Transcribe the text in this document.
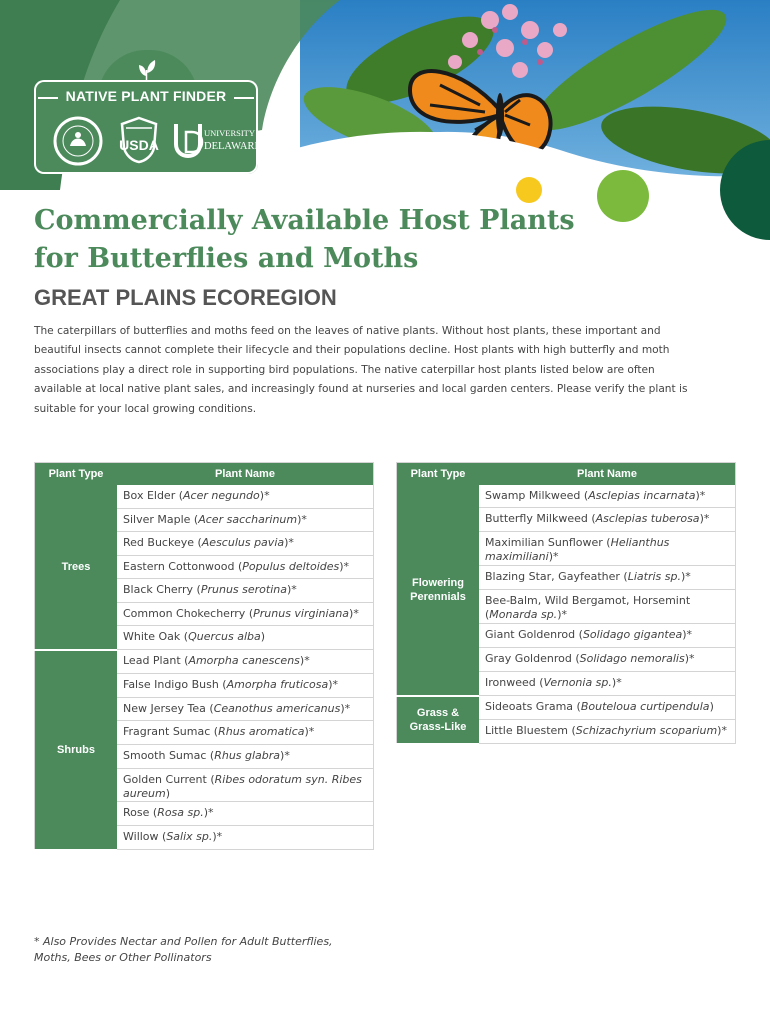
NATIVE PLANT FINDER
USDA
UNIVERSITY OF
DELAWARE.
Commercially Available Host Plants
for Butterflies and Moths
GREAT PLAINS ECOREGION

The caterpillars of butterflies and moths feed on the leaves of native plants. Without host plants, these important and beautiful insects cannot complete their lifecycle and their populations decline. Host plants with high butterfly and moth associations play a direct role in supporting bird populations. The native caterpillar host plants listed below are often available at local native plant sales, and increasingly found at nurseries and local garden centers. Please verify the plant is suitable for your local growing conditions.

Plant Type	Plant Name
Trees	Box Elder (Acer negundo)*
	Silver Maple (Acer saccharinum)*
	Red Buckeye (Aesculus pavia)*
	Eastern Cottonwood (Populus deltoides)*
	Black Cherry (Prunus serotina)*
	Common Chokecherry (Prunus virginiana)*
	White Oak (Quercus alba)
Shrubs	Lead Plant (Amorpha canescens)*
	False Indigo Bush (Amorpha fruticosa)*
	New Jersey Tea (Ceanothus americanus)*
	Fragrant Sumac (Rhus aromatica)*
	Smooth Sumac (Rhus glabra)*
	Golden Current (Ribes odoratum syn. Ribes aureum)
	Rose (Rosa sp.)*
	Willow (Salix sp.)*
Plant Type	Plant Name
Flowering
Perennials	Swamp Milkweed (Asclepias incarnata)*
	Butterfly Milkweed (Asclepias tuberosa)*
	Maximilian Sunflower (Helianthus maximiliani)*
	Blazing Star, Gayfeather (Liatris sp.)*
	Bee-Balm, Wild Bergamot, Horsemint (Monarda sp.)*
	Giant Goldenrod (Solidago gigantea)*
	Gray Goldenrod (Solidago nemoralis)*
	Ironweed (Vernonia sp.)*
Grass &
Grass-Like	Sideoats Grama (Bouteloua curtipendula)
	Little Bluestem (Schizachyrium scoparium)*

* Also Provides Nectar and Pollen for Adult Butterflies, Moths, Bees or Other Pollinators
